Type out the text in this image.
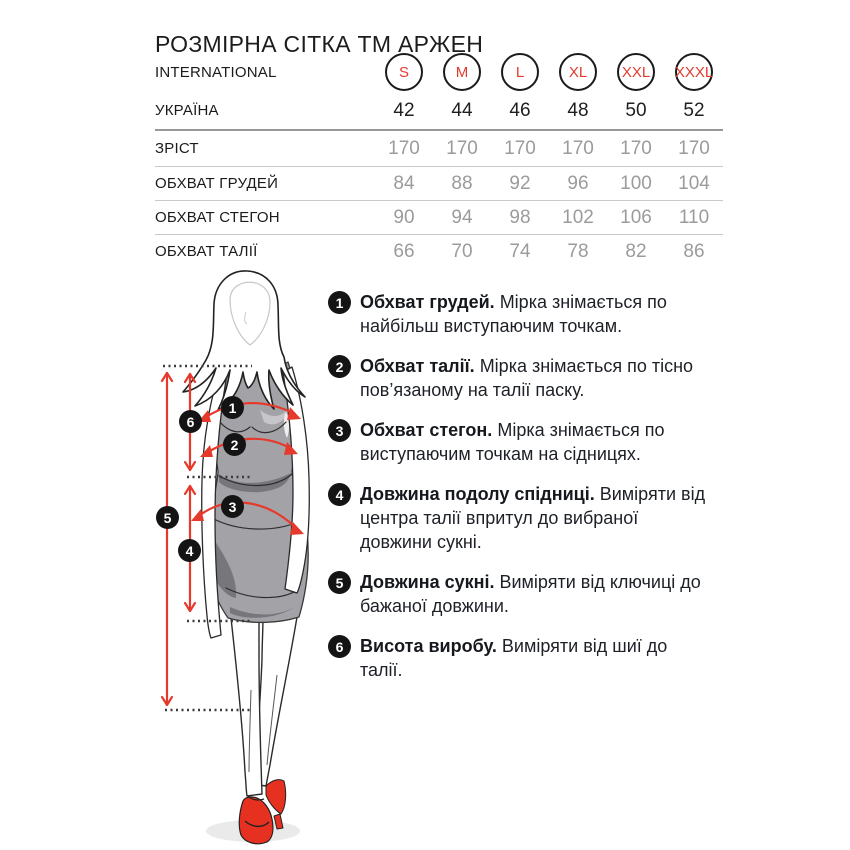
РОЗМІРНА СІТКА ТМ АРЖЕН
INTERNATIONAL	S	M	L	XL	XXL	XXXL
УКРАЇНА	42	44	46	48	50	52
ЗРІСТ	170	170	170	170	170	170
ОБХВАТ ГРУДЕЙ	84	88	92	96	100	104
ОБХВАТ СТЕГОН	90	94	98	102	106	110
ОБХВАТ ТАЛІЇ	66	70	74	78	82	86
1
2
3
4
5
6
1 Обхват грудей. Мірка знімається по найбільш виступаючим точкам.
2 Обхват талії. Мірка знімається по тісно пов’язаному на талії паску.
3 Обхват стегон. Мірка знімається по виступаючим точкам на сідницях.
4 Довжина подолу спідниці. Виміряти від центра талії впритул до вибраної довжини сукні.
5 Довжина сукні. Виміряти від ключиці до бажаної довжини.
6 Висота виробу. Виміряти від шиї до талії.
